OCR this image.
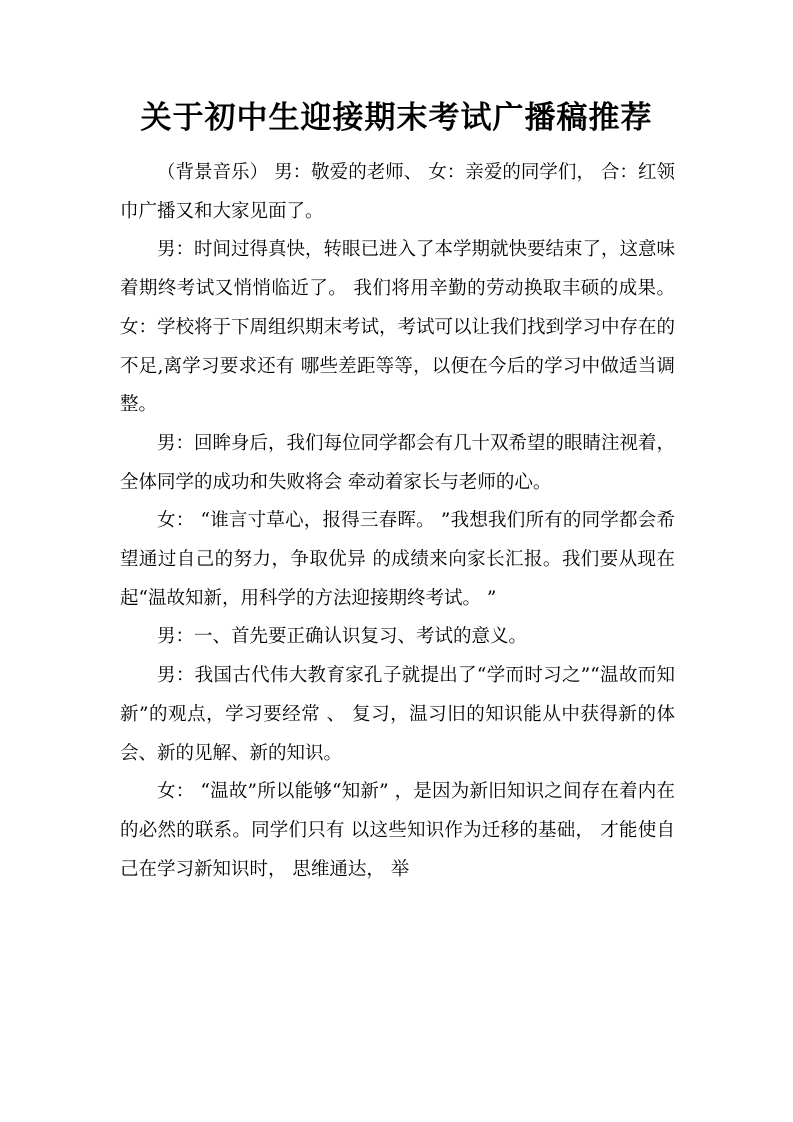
关于初中生迎接期末考试广播稿推荐

（背景音乐） 男：敬爱的老师、 女：亲爱的同学们， 合：红领巾广播又和大家见面了。

男：时间过得真快，转眼已进入了本学期就快要结束了，这意味着期终考试又悄悄临近了。 我们将用辛勤的劳动换取丰硕的成果。 女：学校将于下周组织期末考试，考试可以让我们找到学习中存在的不足,离学习要求还有 哪些差距等等，以便在今后的学习中做适当调整。

男：回眸身后，我们每位同学都会有几十双希望的眼睛注视着，全体同学的成功和失败将会 牵动着家长与老师的心。

女： “谁言寸草心，报得三春晖。 ”我想我们所有的同学都会希望通过自己的努力，争取优异 的成绩来向家长汇报。我们要从现在起“温故知新，用科学的方法迎接期终考试。 ”

男：一、首先要正确认识复习、考试的意义。

男：我国古代伟大教育家孔子就提出了“学而时习之”“温故而知新”的观点，学习要经常 、 复习，温习旧的知识能从中获得新的体会、新的见解、新的知识。

女： “温故”所以能够“知新” ，是因为新旧知识之间存在着内在的必然的联系。同学们只有 以这些知识作为迁移的基础， 才能使自己在学习新知识时， 思维通达， 举
